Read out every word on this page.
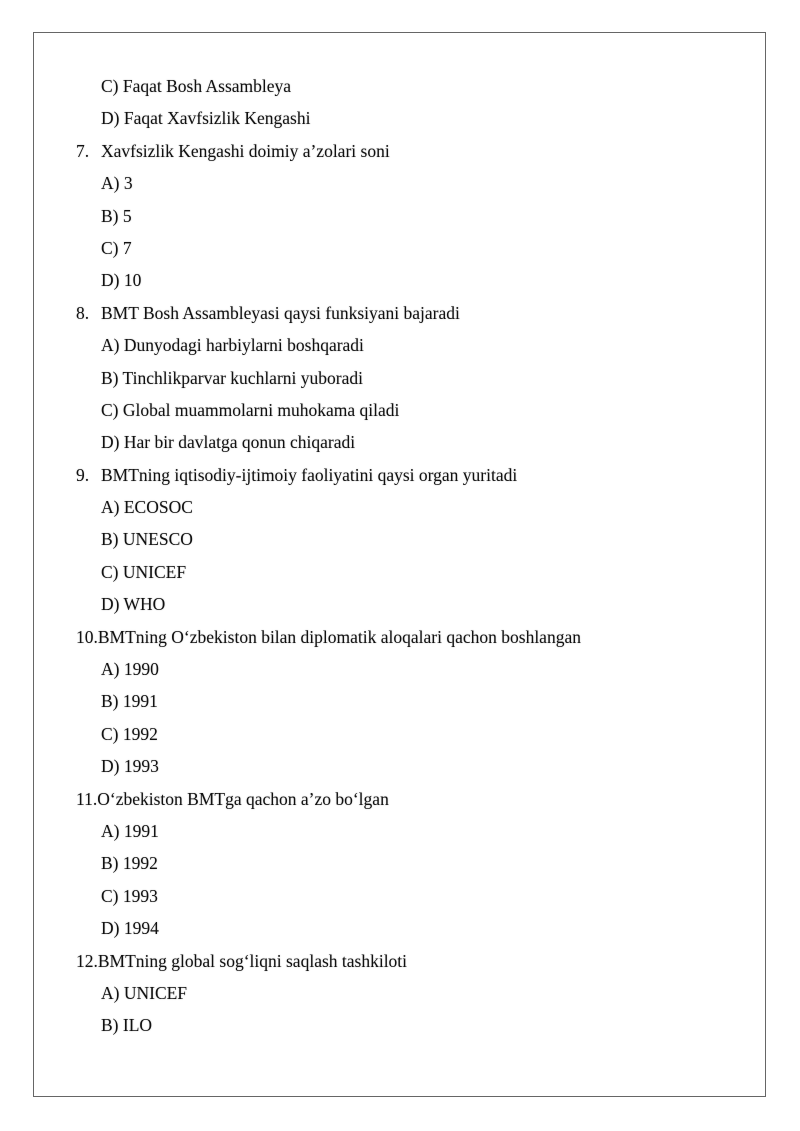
C) Faqat Bosh Assambleya
D) Faqat Xavfsizlik Kengashi
7. Xavfsizlik Kengashi doimiy a’zolari soni
A) 3
B) 5
C) 7
D) 10
8. BMT Bosh Assambleyasi qaysi funksiyani bajaradi
A) Dunyodagi harbiylarni boshqaradi
B) Tinchlikparvar kuchlarni yuboradi
C) Global muammolarni muhokama qiladi
D) Har bir davlatga qonun chiqaradi
9. BMTning iqtisodiy-ijtimoiy faoliyatini qaysi organ yuritadi
A) ECOSOC
B) UNESCO
C) UNICEF
D) WHO
10.BMTning O‘zbekiston bilan diplomatik aloqalari qachon boshlangan
A) 1990
B) 1991
C) 1992
D) 1993
11.O‘zbekiston BMTga qachon a’zo bo‘lgan
A) 1991
B) 1992
C) 1993
D) 1994
12.BMTning global sog‘liqni saqlash tashkiloti
A) UNICEF
B) ILO
